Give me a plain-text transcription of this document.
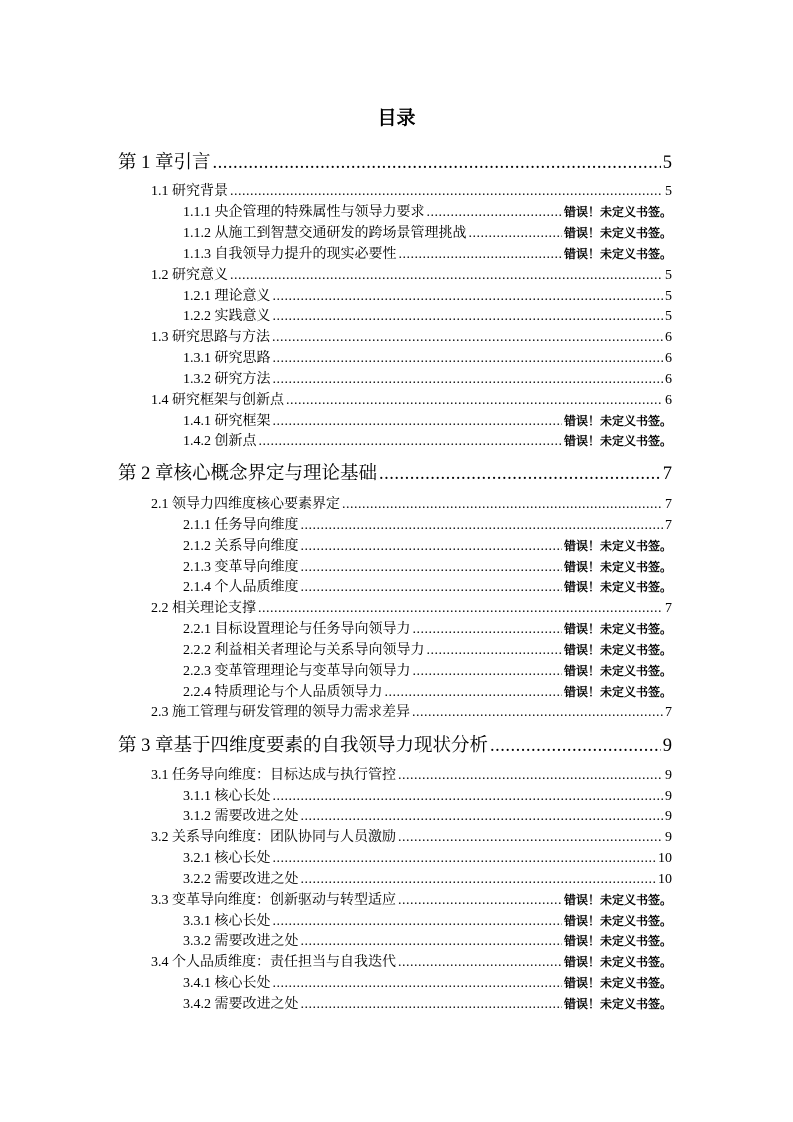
目录
第 1 章引言 .....	5
1.1 研究背景 .....	5
1.1.1 央企管理的特殊属性与领导力要求 .....	错误！未定义书签。
1.1.2 从施工到智慧交通研发的跨场景管理挑战 .....	错误！未定义书签。
1.1.3 自我领导力提升的现实必要性 .....	错误！未定义书签。
1.2 研究意义 .....	5
1.2.1 理论意义 .....	5
1.2.2 实践意义 .....	5
1.3 研究思路与方法 .....	6
1.3.1 研究思路 .....	6
1.3.2 研究方法 .....	6
1.4 研究框架与创新点 .....	6
1.4.1 研究框架 .....	错误！未定义书签。
1.4.2 创新点 .....	错误！未定义书签。
第 2 章核心概念界定与理论基础 .....	7
2.1 领导力四维度核心要素界定 .....	7
2.1.1 任务导向维度 .....	7
2.1.2 关系导向维度 .....	错误！未定义书签。
2.1.3 变革导向维度 .....	错误！未定义书签。
2.1.4 个人品质维度 .....	错误！未定义书签。
2.2 相关理论支撑 .....	7
2.2.1 目标设置理论与任务导向领导力 .....	错误！未定义书签。
2.2.2 利益相关者理论与关系导向领导力 .....	错误！未定义书签。
2.2.3 变革管理理论与变革导向领导力 .....	错误！未定义书签。
2.2.4 特质理论与个人品质领导力 .....	错误！未定义书签。
2.3 施工管理与研发管理的领导力需求差异 .....	7
第 3 章基于四维度要素的自我领导力现状分析 .....	9
3.1 任务导向维度：目标达成与执行管控 .....	9
3.1.1 核心长处 .....	9
3.1.2 需要改进之处 .....	9
3.2 关系导向维度：团队协同与人员激励 .....	9
3.2.1 核心长处 .....	10
3.2.2 需要改进之处 .....	10
3.3 变革导向维度：创新驱动与转型适应 .....	错误！未定义书签。
3.3.1 核心长处 .....	错误！未定义书签。
3.3.2 需要改进之处 .....	错误！未定义书签。
3.4 个人品质维度：责任担当与自我迭代 .....	错误！未定义书签。
3.4.1 核心长处 .....	错误！未定义书签。
3.4.2 需要改进之处 .....	错误！未定义书签。
